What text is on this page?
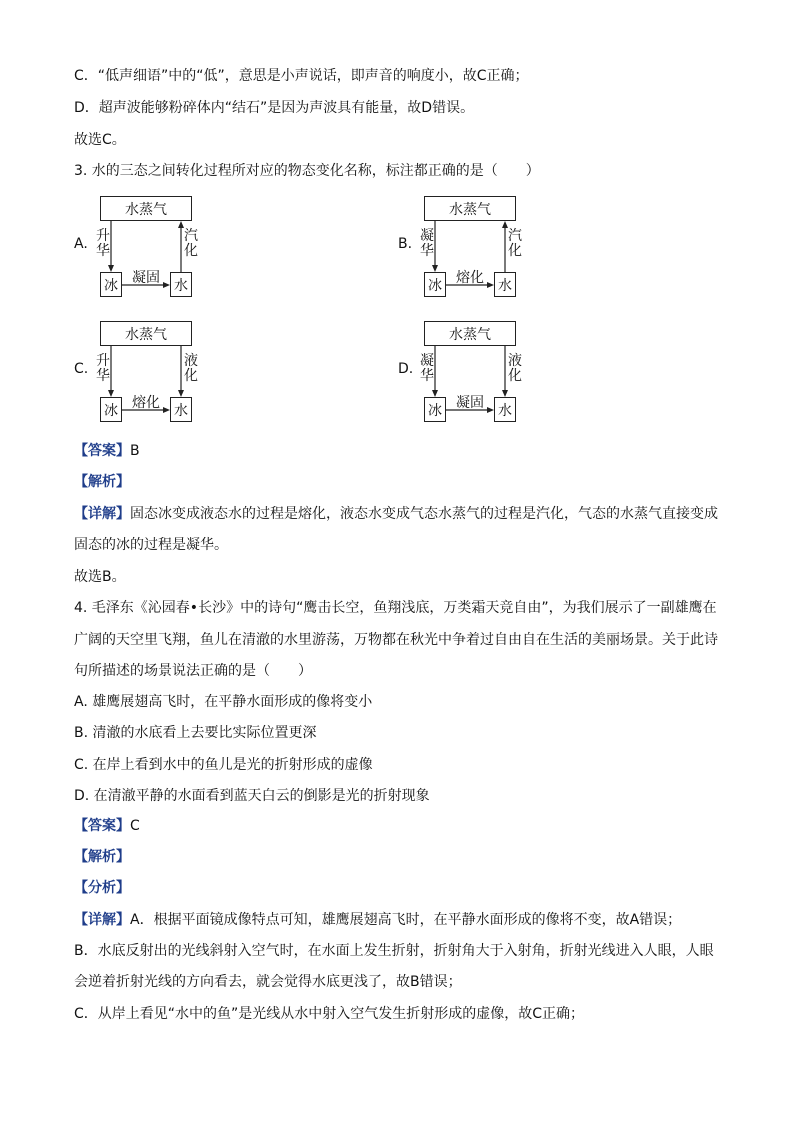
C．“低声细语”中的“低”，意思是小声说话，即声音的响度小，故C正确；
D．超声波能够粉碎体内“结石”是因为声波具有能量，故D错误。
故选C。
3. 水的三态之间转化过程所对应的物态变化名称，标注都正确的是（　　）
A.
水蒸气
冰	水
升华
汽化
凝固
B.
水蒸气
冰	水
凝华
汽化
熔化
C.
水蒸气
冰	水
升华
液化
熔化
D.
水蒸气
冰	水
凝华
液化
凝固
【答案】B
【解析】
【详解】固态冰变成液态水的过程是熔化，液态水变成气态水蒸气的过程是汽化，气态的水蒸气直接变成
固态的冰的过程是凝华。
故选B。
4. 毛泽东《沁园春•长沙》中的诗句“鹰击长空，鱼翔浅底，万类霜天竞自由”，为我们展示了一副雄鹰在
广阔的天空里飞翔，鱼儿在清澈的水里游荡，万物都在秋光中争着过自由自在生活的美丽场景。关于此诗
句所描述的场景说法正确的是（　　）
A. 雄鹰展翅高飞时，在平静水面形成的像将变小
B. 清澈的水底看上去要比实际位置更深
C. 在岸上看到水中的鱼儿是光的折射形成的虚像
D. 在清澈平静的水面看到蓝天白云的倒影是光的折射现象
【答案】C
【解析】
【分析】
【详解】A．根据平面镜成像特点可知，雄鹰展翅高飞时，在平静水面形成的像将不变，故A错误；
B．水底反射出的光线斜射入空气时，在水面上发生折射，折射角大于入射角，折射光线进入人眼，人眼
会逆着折射光线的方向看去，就会觉得水底更浅了，故B错误；
C．从岸上看见“水中的鱼”是光线从水中射入空气发生折射形成的虚像，故C正确；
